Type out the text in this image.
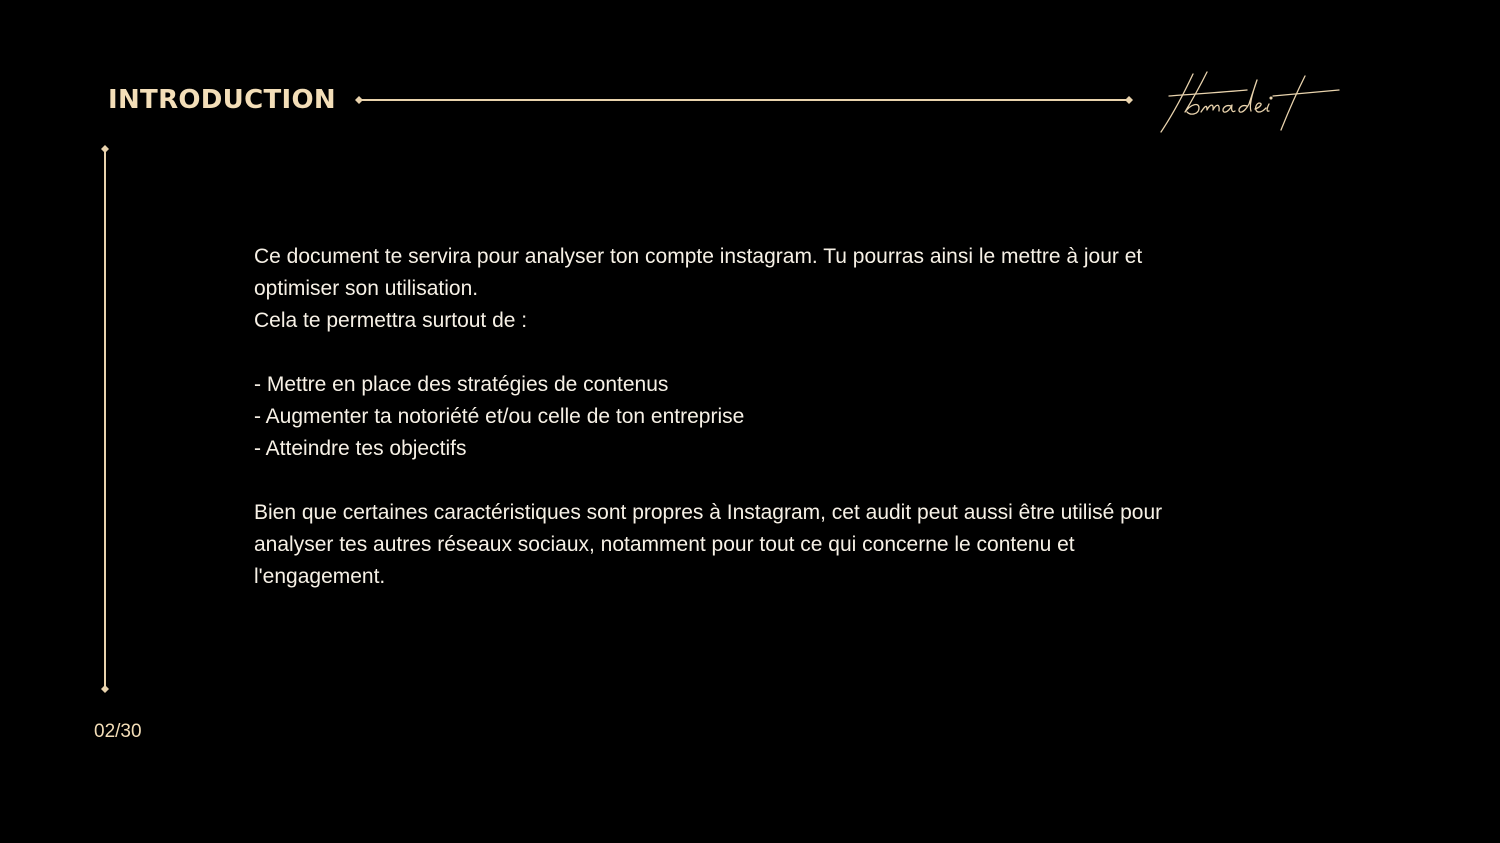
INTRODUCTION

Ce document te servira pour analyser ton compte instagram. Tu pourras ainsi le mettre à jour et optimiser son utilisation.

Cela te permettra surtout de :

- Mettre en place des stratégies de contenus

- Augmenter ta notoriété et/ou celle de ton entreprise

- Atteindre tes objectifs

Bien que certaines caractéristiques sont propres à Instagram, cet audit peut aussi être utilisé pour analyser tes autres réseaux sociaux, notamment pour tout ce qui concerne le contenu et l'engagement.

02/30
